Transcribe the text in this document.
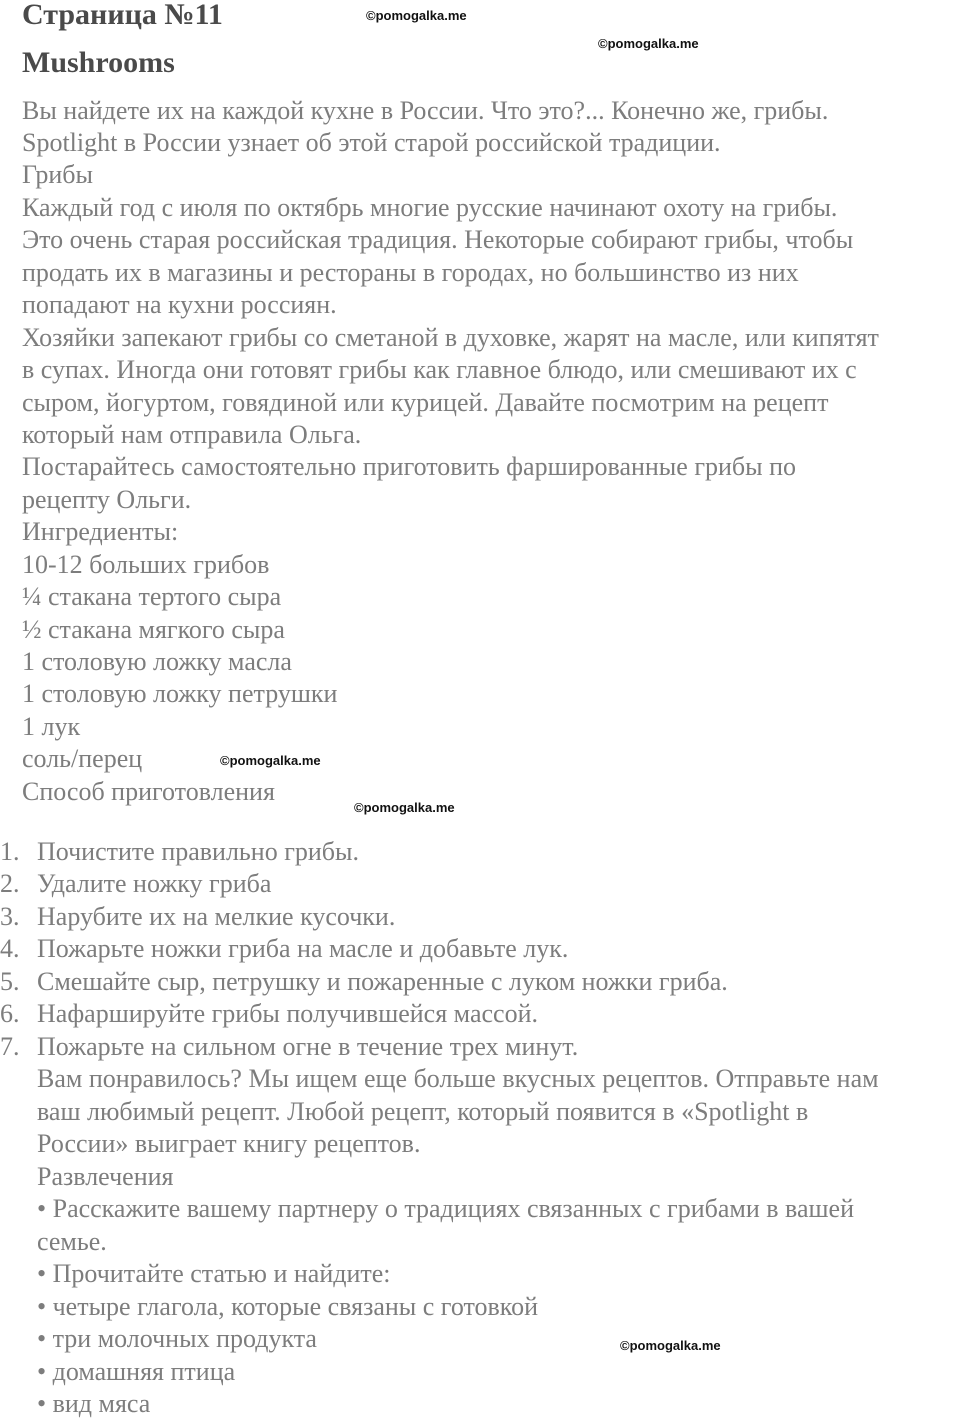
Страница №11
Mushrooms
©pomogalka.me
©pomogalka.me
©pomogalka.me
©pomogalka.me
©pomogalka.me
Вы найдете их на каждой кухне в России. Что это?... Конечно же, грибы.
Spotlight в России узнает об этой старой российской традиции.
Грибы
Каждый год с июля по октябрь многие русские начинают охоту на грибы.
Это очень старая российская традиция. Некоторые собирают грибы, чтобы
продать их в магазины и рестораны в городах, но большинство из них
попадают на кухни россиян.
Хозяйки запекают грибы со сметаной в духовке, жарят на масле, или кипятят
в супах. Иногда они готовят грибы как главное блюдо, или смешивают их с
сыром, йогуртом, говядиной или курицей. Давайте посмотрим на рецепт
который нам отправила Ольга.
Постарайтесь самостоятельно приготовить фаршированные грибы по
рецепту Ольги.
Ингредиенты:
10-12 больших грибов
¼ стакана тертого сыра
½ стакана мягкого сыра
1 столовую ложку масла
1 столовую ложку петрушки
1 лук
соль/перец
Способ приготовления
1. Почистите правильно грибы.
2. Удалите ножку гриба
3. Нарубите их на мелкие кусочки.
4. Пожарьте ножки гриба на масле и добавьте лук.
5. Смешайте сыр, петрушку и пожаренные с луком ножки гриба.
6. Нафаршируйте грибы получившейся массой.
7. Пожарьте на сильном огне в течение трех минут.
Вам понравилось? Мы ищем еще больше вкусных рецептов. Отправьте нам
ваш любимый рецепт. Любой рецепт, который появится в «Spotlight в
России» выиграет книгу рецептов.
Развлечения
• Расскажите вашему партнеру о традициях связанных с грибами в вашей
семье.
• Прочитайте статью и найдите:
• четыре глагола, которые связаны с готовкой
• три молочных продукта
• домашняя птица
• вид мяса
